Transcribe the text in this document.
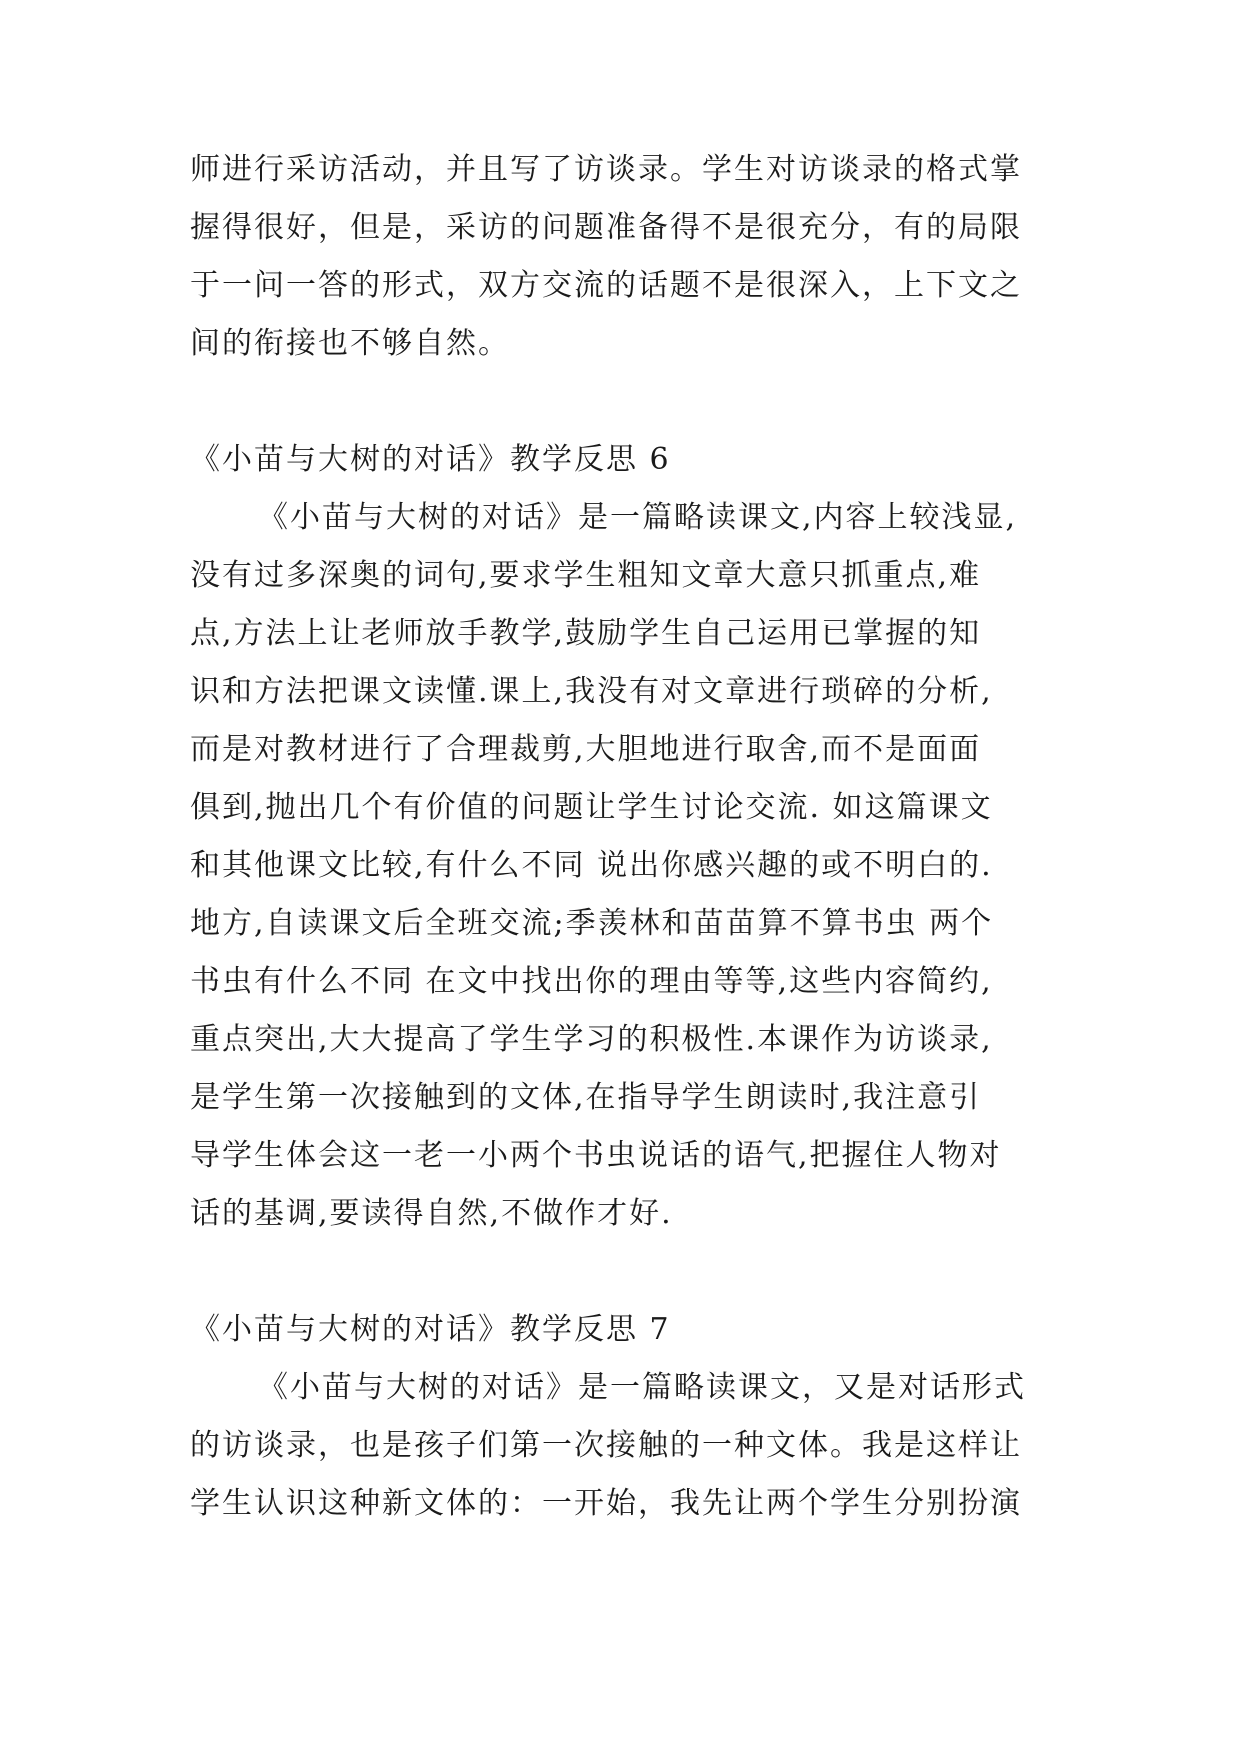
师进行采访活动，并且写了访谈录。学生对访谈录的格式掌
握得很好，但是，采访的问题准备得不是很充分，有的局限
于一问一答的形式，双方交流的话题不是很深入，上下文之
间的衔接也不够自然。
《小苗与大树的对话》教学反思 6
《小苗与大树的对话》是一篇略读课文,内容上较浅显,
没有过多深奥的词句,要求学生粗知文章大意只抓重点,难
点,方法上让老师放手教学,鼓励学生自己运用已掌握的知
识和方法把课文读懂.课上,我没有对文章进行琐碎的分析,
而是对教材进行了合理裁剪,大胆地进行取舍,而不是面面
俱到,抛出几个有价值的问题让学生讨论交流. 如这篇课文
和其他课文比较,有什么不同 说出你感兴趣的或不明白的.
地方,自读课文后全班交流;季羡林和苗苗算不算书虫 两个
书虫有什么不同 在文中找出你的理由等等,这些内容简约,
重点突出,大大提高了学生学习的积极性.本课作为访谈录,
是学生第一次接触到的文体,在指导学生朗读时,我注意引
导学生体会这一老一小两个书虫说话的语气,把握住人物对
话的基调,要读得自然,不做作才好.
《小苗与大树的对话》教学反思 7
《小苗与大树的对话》是一篇略读课文，又是对话形式
的访谈录，也是孩子们第一次接触的一种文体。我是这样让
学生认识这种新文体的：一开始，我先让两个学生分别扮演
